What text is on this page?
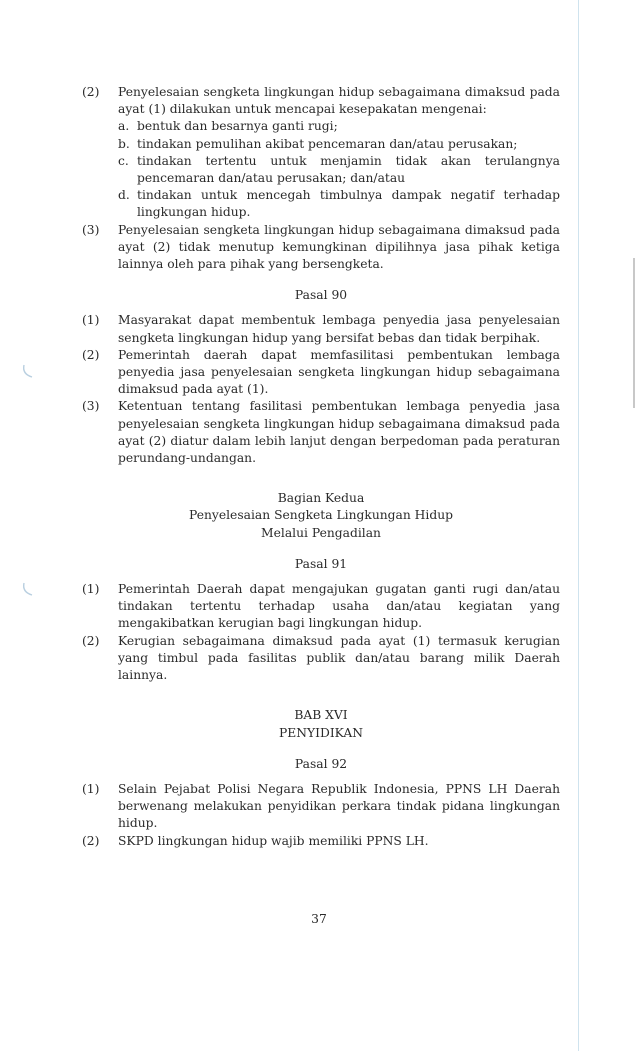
(2) Penyelesaian sengketa lingkungan hidup sebagaimana dimaksud pada ayat (1) dilakukan untuk mencapai kesepakatan mengenai:
a. bentuk dan besarnya ganti rugi;
b. tindakan pemulihan akibat pencemaran dan/atau perusakan;
c. tindakan tertentu untuk menjamin tidak akan terulangnya pencemaran dan/atau perusakan; dan/atau
d. tindakan untuk mencegah timbulnya dampak negatif terhadap lingkungan hidup.
(3) Penyelesaian sengketa lingkungan hidup sebagaimana dimaksud pada ayat (2) tidak menutup kemungkinan dipilihnya jasa pihak ketiga lainnya oleh para pihak yang bersengketa.
Pasal 90
(1) Masyarakat dapat membentuk lembaga penyedia jasa penyelesaian sengketa lingkungan hidup yang bersifat bebas dan tidak berpihak.
(2) Pemerintah daerah dapat memfasilitasi pembentukan lembaga penyedia jasa penyelesaian sengketa lingkungan hidup sebagaimana dimaksud pada ayat (1).
(3) Ketentuan tentang fasilitasi pembentukan lembaga penyedia jasa penyelesaian sengketa lingkungan hidup sebagaimana dimaksud pada ayat (2) diatur dalam lebih lanjut dengan berpedoman pada peraturan perundang-undangan.
Bagian Kedua
Penyelesaian Sengketa Lingkungan Hidup
Melalui Pengadilan
Pasal 91
(1) Pemerintah Daerah dapat mengajukan gugatan ganti rugi dan/atau tindakan tertentu terhadap usaha dan/atau kegiatan yang mengakibatkan kerugian bagi lingkungan hidup.
(2) Kerugian sebagaimana dimaksud pada ayat (1) termasuk kerugian yang timbul pada fasilitas publik dan/atau barang milik Daerah lainnya.
BAB XVI
PENYIDIKAN
Pasal 92
(1) Selain Pejabat Polisi Negara Republik Indonesia, PPNS LH Daerah berwenang melakukan penyidikan perkara tindak pidana lingkungan hidup.
(2) SKPD lingkungan hidup wajib memiliki PPNS LH.
37
